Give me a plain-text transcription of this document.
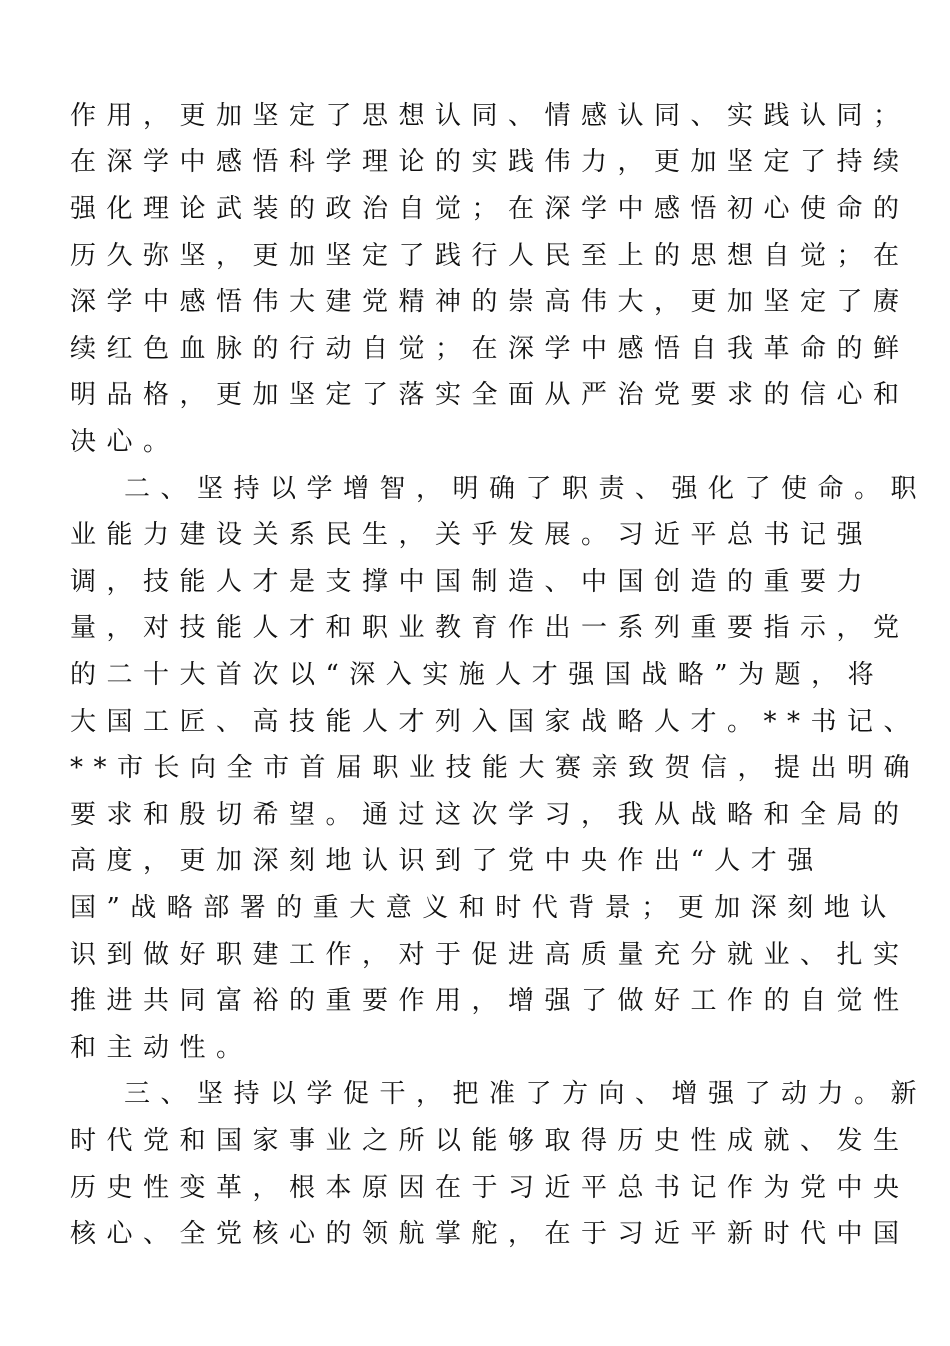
作用，更加坚定了思想认同、情感认同、实践认同；
在深学中感悟科学理论的实践伟力，更加坚定了持续
强化理论武装的政治自觉；在深学中感悟初心使命的
历久弥坚，更加坚定了践行人民至上的思想自觉；在
深学中感悟伟大建党精神的崇高伟大，更加坚定了赓
续红色血脉的行动自觉；在深学中感悟自我革命的鲜
明品格，更加坚定了落实全面从严治党要求的信心和
决心。
二、坚持以学增智，明确了职责、强化了使命。职
业能力建设关系民生，关乎发展。习近平总书记强
调，技能人才是支撑中国制造、中国创造的重要力
量，对技能人才和职业教育作出一系列重要指示，党
的二十大首次以“深入实施人才强国战略”为题，将
大国工匠、高技能人才列入国家战略人才。**书记、
**市长向全市首届职业技能大赛亲致贺信，提出明确
要求和殷切希望。通过这次学习，我从战略和全局的
高度，更加深刻地认识到了党中央作出“人才强
国”战略部署的重大意义和时代背景；更加深刻地认
识到做好职建工作，对于促进高质量充分就业、扎实
推进共同富裕的重要作用，增强了做好工作的自觉性
和主动性。
三、坚持以学促干，把准了方向、增强了动力。新
时代党和国家事业之所以能够取得历史性成就、发生
历史性变革，根本原因在于习近平总书记作为党中央
核心、全党核心的领航掌舵，在于习近平新时代中国
